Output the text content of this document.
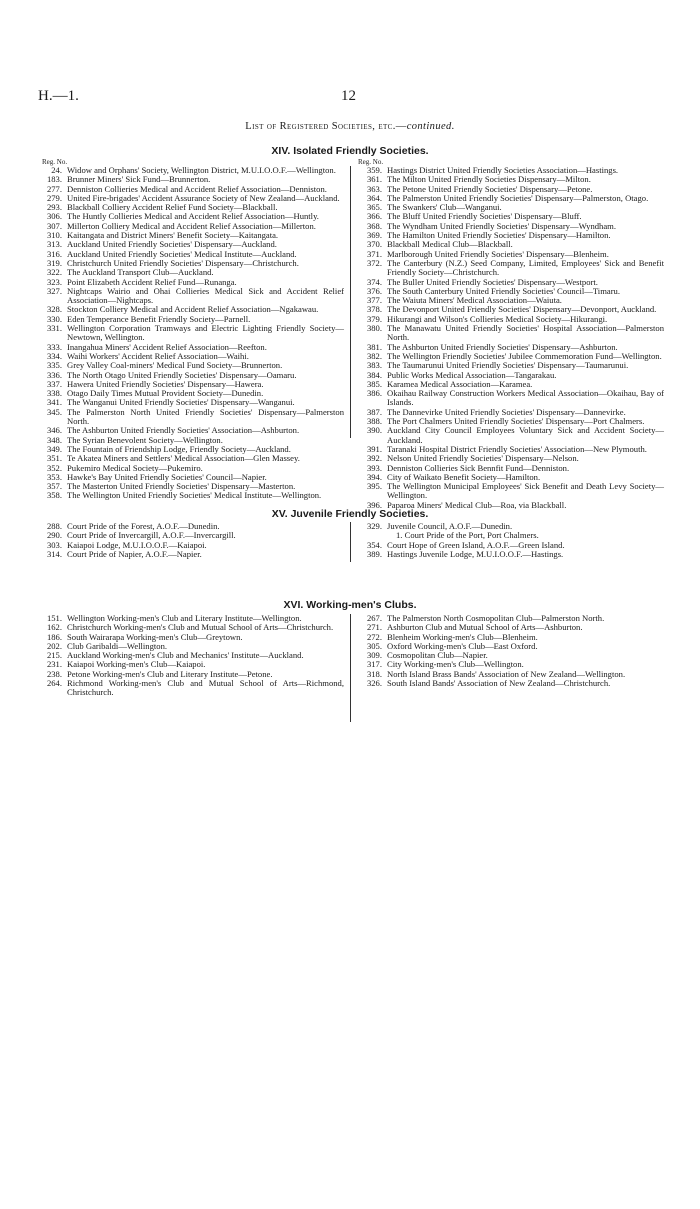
H.—1.	12
List of Registered Societies, etc.—continued.
XIV. Isolated Friendly Societies.
Reg. No.	Reg. No.
24. Widow and Orphans' Society, Wellington District, M.U.I.O.O.F.—Wellington.
183. Brunner Miners' Sick Fund—Brunnerton.
277. Denniston Collieries Medical and Accident Relief Association—Denniston.
279. United Fire-brigades' Accident Assurance Society of New Zealand—Auckland.
293. Blackball Colliery Accident Relief Fund Society—Blackball.
306. The Huntly Collieries Medical and Accident Relief Association—Huntly.
307. Millerton Colliery Medical and Accident Relief Association—Millerton.
310. Kaitangata and District Miners' Benefit Society—Kaitangata.
313. Auckland United Friendly Societies' Dispensary—Auckland.
316. Auckland United Friendly Societies' Medical Institute—Auckland.
319. Christchurch United Friendly Societies' Dispensary—Christchurch.
322. The Auckland Transport Club—Auckland.
323. Point Elizabeth Accident Relief Fund—Runanga.
327. Nightcaps Wairio and Ohai Collieries Medical Sick and Accident Relief Association—Nightcaps.
328. Stockton Colliery Medical and Accident Relief Association—Ngakawau.
330. Eden Temperance Benefit Friendly Society—Parnell.
331. Wellington Corporation Tramways and Electric Lighting Friendly Society—Newtown, Wellington.
333. Inangahua Miners' Accident Relief Association—Reefton.
334. Waihi Workers' Accident Relief Association—Waihi.
335. Grey Valley Coal-miners' Medical Fund Society—Brunnerton.
336. The North Otago United Friendly Societies' Dispensary—Oamaru.
337. Hawera United Friendly Societies' Dispensary—Hawera.
338. Otago Daily Times Mutual Provident Society—Dunedin.
341. The Wanganui United Friendly Societies' Dispensary—Wanganui.
345. The Palmerston North United Friendly Societies' Dispensary—Palmerston North.
346. The Ashburton United Friendly Societies' Association—Ashburton.
348. The Syrian Benevolent Society—Wellington.
349. The Fountain of Friendship Lodge, Friendly Society—Auckland.
351. Te Akatea Miners and Settlers' Medical Association—Glen Massey.
352. Pukemiro Medical Society—Pukemiro.
353. Hawke's Bay United Friendly Societies' Council—Napier.
357. The Masterton United Friendly Societies' Dispensary—Masterton.
358. The Wellington United Friendly Societies' Medical Institute—Wellington.
359. Hastings District United Friendly Societies Association—Hastings.
361. The Milton United Friendly Societies Dispensary—Milton.
363. The Petone United Friendly Societies' Dispensary—Petone.
364. The Palmerston United Friendly Societies' Dispensary—Palmerston, Otago.
365. The Swankers' Club—Wanganui.
366. The Bluff United Friendly Societies' Dispensary—Bluff.
368. The Wyndham United Friendly Societies' Dispensary—Wyndham.
369. The Hamilton United Friendly Societies' Dispensary—Hamilton.
370. Blackball Medical Club—Blackball.
371. Marlborough United Friendly Societies' Dispensary—Blenheim.
372. The Canterbury (N.Z.) Seed Company, Limited, Employees' Sick and Benefit Friendly Society—Christchurch.
374. The Buller United Friendly Societies' Dispensary—Westport.
376. The South Canterbury United Friendly Societies' Council—Timaru.
377. The Waiuta Miners' Medical Association—Waiuta.
378. The Devonport United Friendly Societies' Dispensary—Devonport, Auckland.
379. Hikurangi and Wilson's Collieries Medical Society—Hikurangi.
380. The Manawatu United Friendly Societies' Hospital Association—Palmerston North.
381. The Ashburton United Friendly Societies' Dispensary—Ashburton.
382. The Wellington Friendly Societies' Jubilee Commemoration Fund—Wellington.
383. The Taumarunui United Friendly Societies' Dispensary—Taumarunui.
384. Public Works Medical Association—Tangarakau.
385. Karamea Medical Association—Karamea.
386. Okaihau Railway Construction Workers Medical Association—Okaihau, Bay of Islands.
387. The Dannevirke United Friendly Societies' Dispensary—Dannevirke.
388. The Port Chalmers United Friendly Societies' Dispensary—Port Chalmers.
390. Auckland City Council Employees Voluntary Sick and Accident Society—Auckland.
391. Taranaki Hospital District Friendly Societies' Association—New Plymouth.
392. Nelson United Friendly Societies' Dispensary—Nelson.
393. Denniston Collieries Sick Bennfit Fund—Denniston.
394. City of Waikato Benefit Society—Hamilton.
395. The Wellington Municipal Employees' Sick Benefit and Death Levy Society—Wellington.
396. Paparoa Miners' Medical Club—Roa, via Blackball.
XV. Juvenile Friendly Societies.
288. Court Pride of the Forest, A.O.F.—Dunedin.
290. Court Pride of Invercargill, A.O.F.—Invercargill.
303. Kaiapoi Lodge, M.U.I.O.O.F.—Kaiapoi.
314. Court Pride of Napier, A.O.F.—Napier.
329. Juvenile Council, A.O.F.—Dunedin.
1. Court Pride of the Port, Port Chalmers.
354. Court Hope of Green Island, A.O.F.—Green Island.
389. Hastings Juvenile Lodge, M.U.I.O.O.F.—Hastings.
XVI. Working-men's Clubs.
151. Wellington Working-men's Club and Literary Institute—Wellington.
162. Christchurch Working-men's Club and Mutual School of Arts—Christchurch.
186. South Wairarapa Working-men's Club—Greytown.
202. Club Garibaldi—Wellington.
215. Auckland Working-men's Club and Mechanics' Institute—Auckland.
231. Kaiapoi Working-men's Club—Kaiapoi.
238. Petone Working-men's Club and Literary Institute—Petone.
264. Richmond Working-men's Club and Mutual School of Arts—Richmond, Christchurch.
267. The Palmerston North Cosmopolitan Club—Palmerston North.
271. Ashburton Club and Mutual School of Arts—Ashburton.
272. Blenheim Working-men's Club—Blenheim.
305. Oxford Working-men's Club—East Oxford.
309. Cosmopolitan Club—Napier.
317. City Working-men's Club—Wellington.
318. North Island Brass Bands' Association of New Zealand—Wellington.
326. South Island Bands' Association of New Zealand—Christchurch.
